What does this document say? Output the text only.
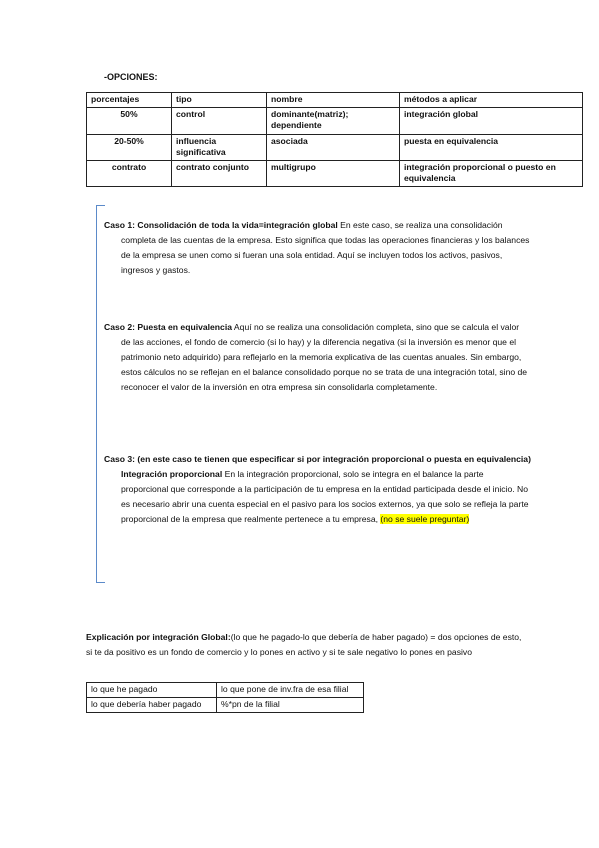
-OPCIONES:
porcentajes	tipo	nombre	métodos a aplicar
50%	control	dominante(matriz); dependiente	integración global
20-50%	influencia significativa	asociada	puesta en equivalencia
contrato	contrato conjunto	multigrupo	integración proporcional o puesto en equivalencia

Caso 1: Consolidación de toda la vida=integración global En este caso, se realiza una consolidación completa de las cuentas de la empresa. Esto significa que todas las operaciones financieras y los balances de la empresa se unen como si fueran una sola entidad. Aquí se incluyen todos los activos, pasivos, ingresos y gastos.

Caso 2: Puesta en equivalencia Aquí no se realiza una consolidación completa, sino que se calcula el valor de las acciones, el fondo de comercio (si lo hay) y la diferencia negativa (si la inversión es menor que el patrimonio neto adquirido) para reflejarlo en la memoria explicativa de las cuentas anuales. Sin embargo, estos cálculos no se reflejan en el balance consolidado porque no se trata de una integración total, sino de reconocer el valor de la inversión en otra empresa sin consolidarla completamente.

Caso 3: (en este caso te tienen que especificar si por integración proporcional o puesta en equivalencia) Integración proporcional En la integración proporcional, solo se integra en el balance la parte proporcional que corresponde a la participación de tu empresa en la entidad participada desde el inicio. No es necesario abrir una cuenta especial en el pasivo para los socios externos, ya que solo se refleja la parte proporcional de la empresa que realmente pertenece a tu empresa, (no se suele preguntar)

Explicación por integración Global:(lo que he pagado-lo que debería de haber pagado) = dos opciones de esto, si te da positivo es un fondo de comercio y lo pones en activo y si te sale negativo lo pones en pasivo

lo que he pagado	lo que pone de inv.fra de esa filial
lo que debería haber pagado	%*pn de la filial
